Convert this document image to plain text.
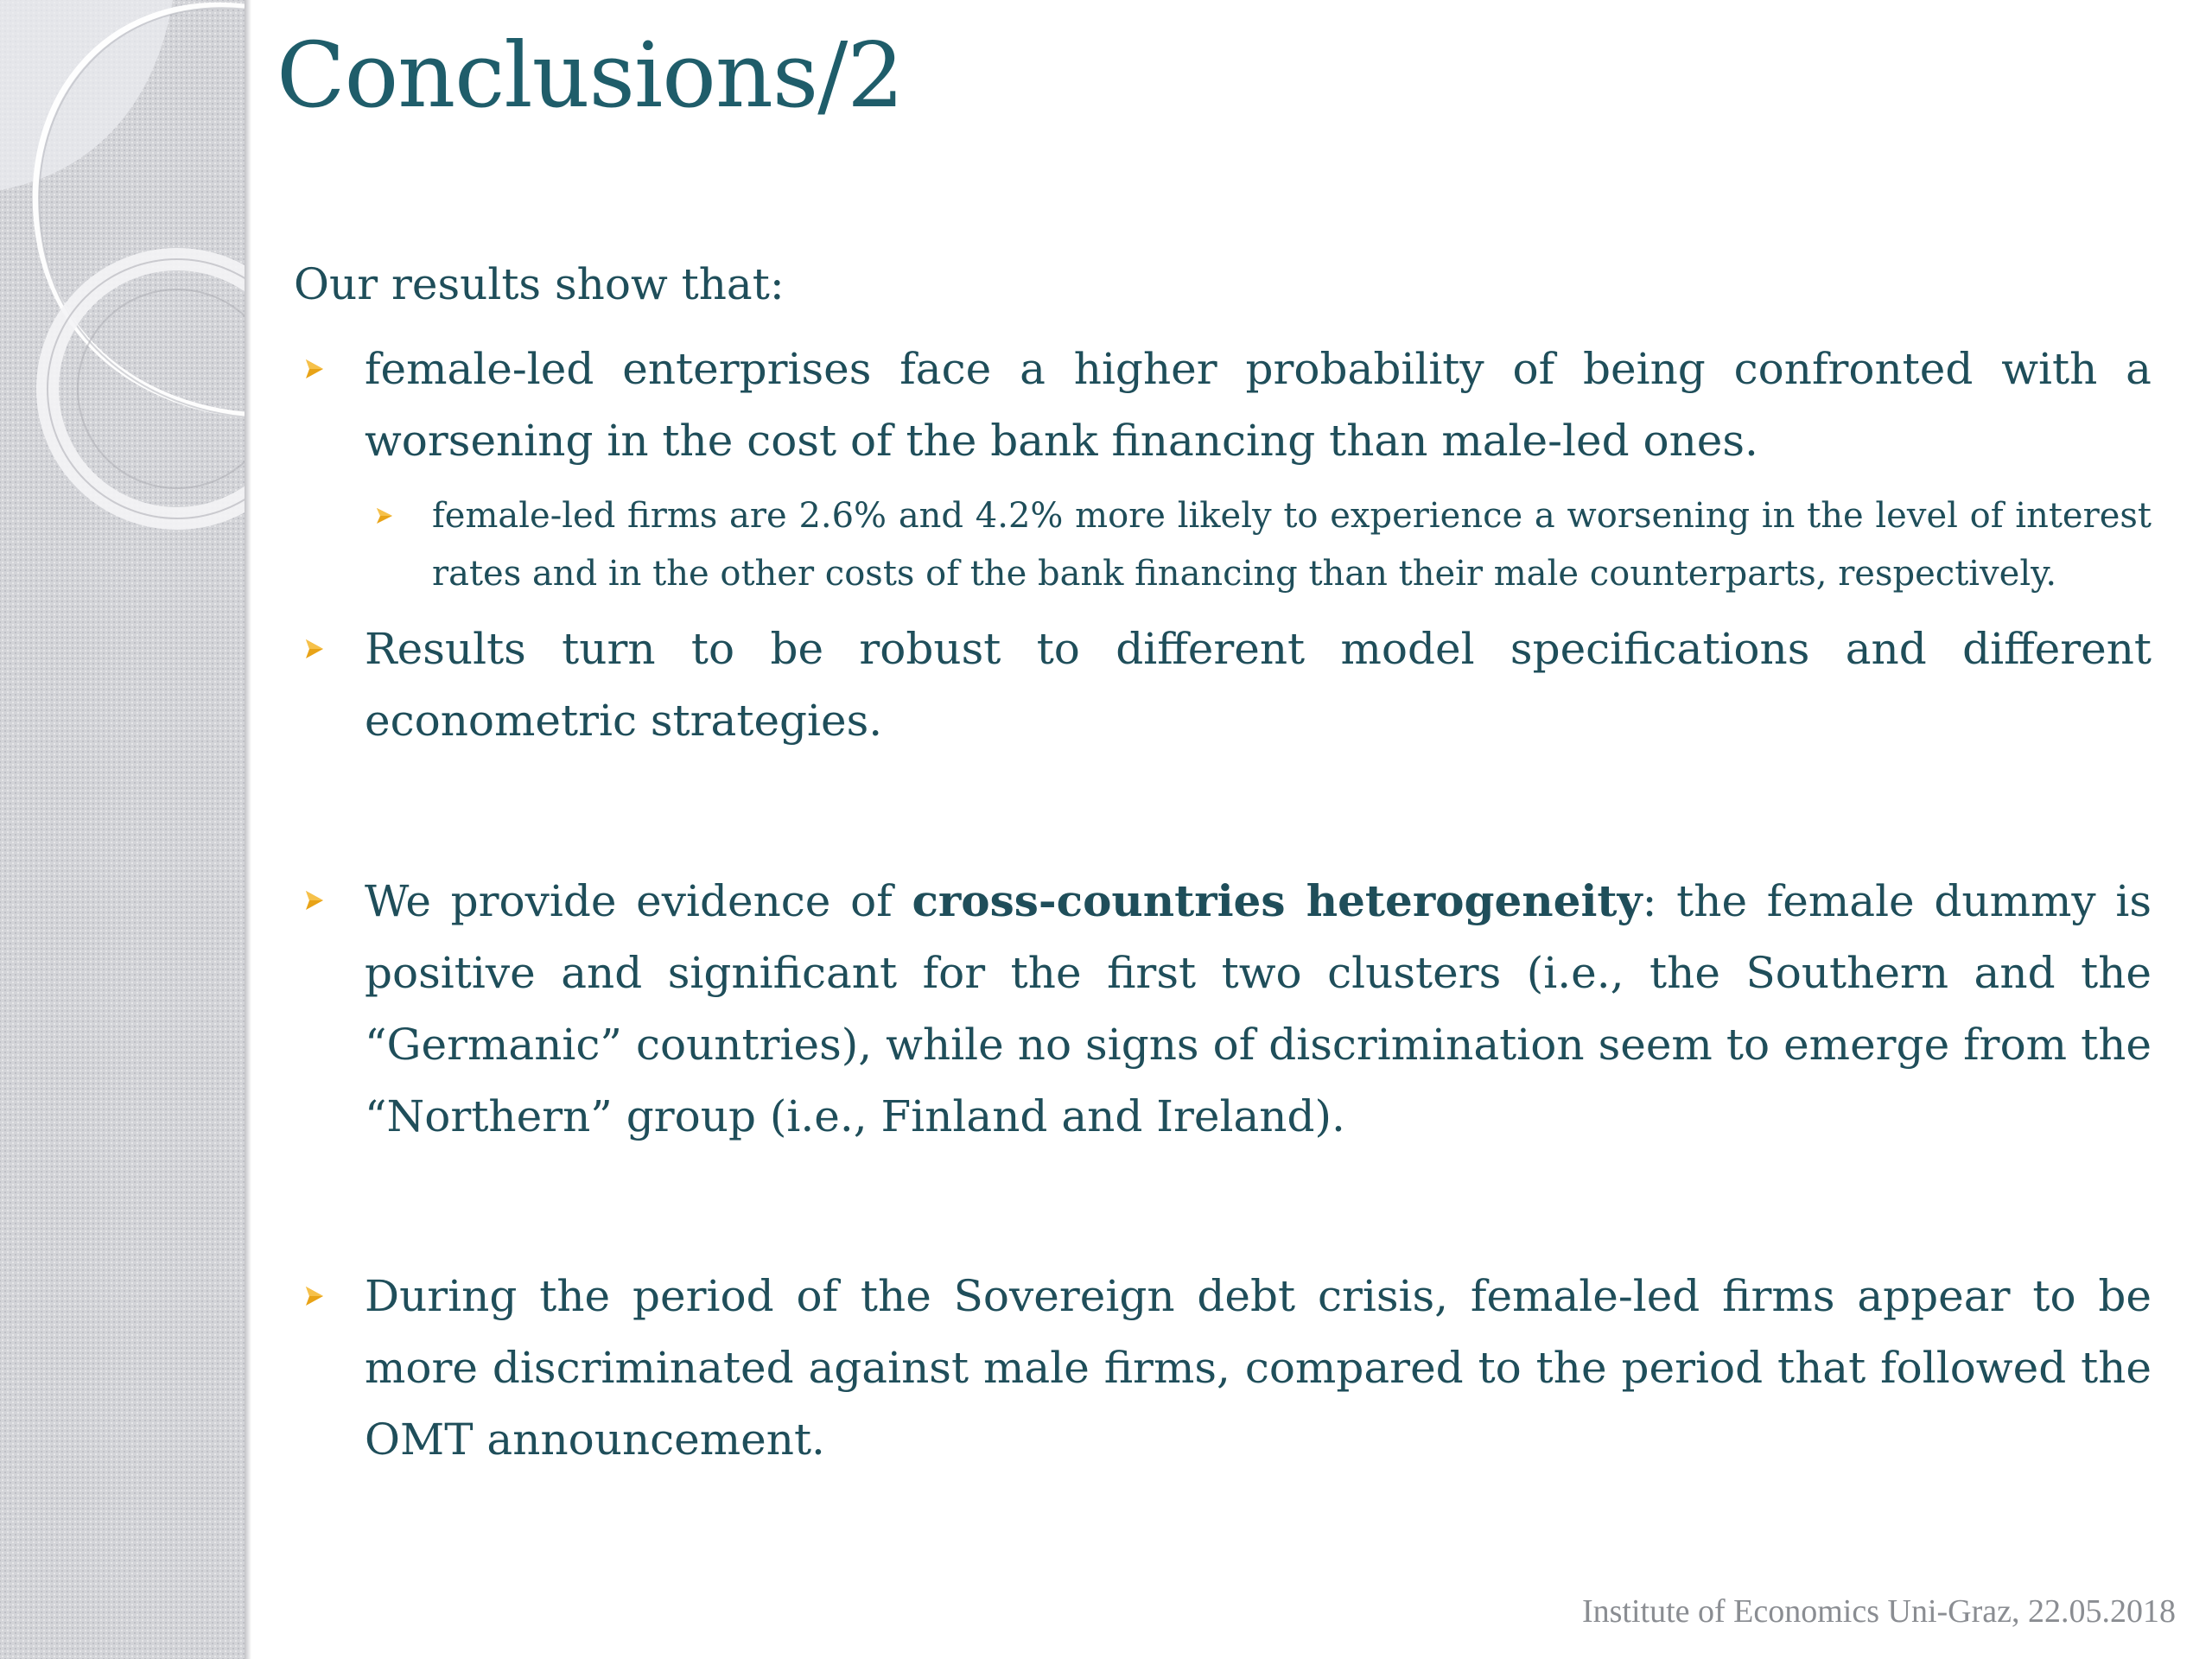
Conclusions/2

Our results show that:

female-led enterprises face a higher probability of being confronted with a worsening in the cost of the bank financing than male-led ones.
female-led firms are 2.6% and 4.2% more likely to experience a worsening in the level of interest rates and in the other costs of the bank financing than their male counterparts, respectively.
Results turn to be robust to different model specifications and different econometric strategies.
We provide evidence of cross-countries heterogeneity: the female dummy is positive and significant for the first two clusters (i.e., the Southern and the “Germanic” countries), while no signs of discrimination seem to emerge from the “Northern” group (i.e., Finland and Ireland).
During the period of the Sovereign debt crisis, female-led firms appear to be more discriminated against male firms, compared to the period that followed the OMT announcement.
Institute of Economics Uni-Graz, 22.05.2018
